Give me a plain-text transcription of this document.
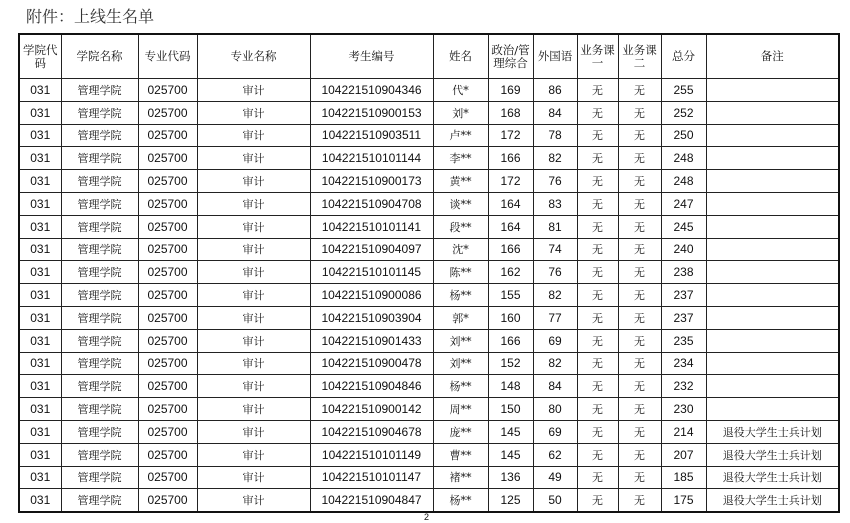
附件：上线生名单
学院代码	学院名称	专业代码	专业名称	考生编号	姓名	政治/管理综合	外国语	业务课一	业务课二	总分	备注
031	管理学院	025700	审计	104221510904346	代*	169	86	无	无	255	
031	管理学院	025700	审计	104221510900153	刘*	168	84	无	无	252	
031	管理学院	025700	审计	104221510903511	卢**	172	78	无	无	250	
031	管理学院	025700	审计	104221510101144	李**	166	82	无	无	248	
031	管理学院	025700	审计	104221510900173	黄**	172	76	无	无	248	
031	管理学院	025700	审计	104221510904708	谈**	164	83	无	无	247	
031	管理学院	025700	审计	104221510101141	段**	164	81	无	无	245	
031	管理学院	025700	审计	104221510904097	沈*	166	74	无	无	240	
031	管理学院	025700	审计	104221510101145	陈**	162	76	无	无	238	
031	管理学院	025700	审计	104221510900086	杨**	155	82	无	无	237	
031	管理学院	025700	审计	104221510903904	郭*	160	77	无	无	237	
031	管理学院	025700	审计	104221510901433	刘**	166	69	无	无	235	
031	管理学院	025700	审计	104221510900478	刘**	152	82	无	无	234	
031	管理学院	025700	审计	104221510904846	杨**	148	84	无	无	232	
031	管理学院	025700	审计	104221510900142	周**	150	80	无	无	230	
031	管理学院	025700	审计	104221510904678	庞**	145	69	无	无	214	退役大学生士兵计划
031	管理学院	025700	审计	104221510101149	曹**	145	62	无	无	207	退役大学生士兵计划
031	管理学院	025700	审计	104221510101147	褚**	136	49	无	无	185	退役大学生士兵计划
031	管理学院	025700	审计	104221510904847	杨**	125	50	无	无	175	退役大学生士兵计划
2
